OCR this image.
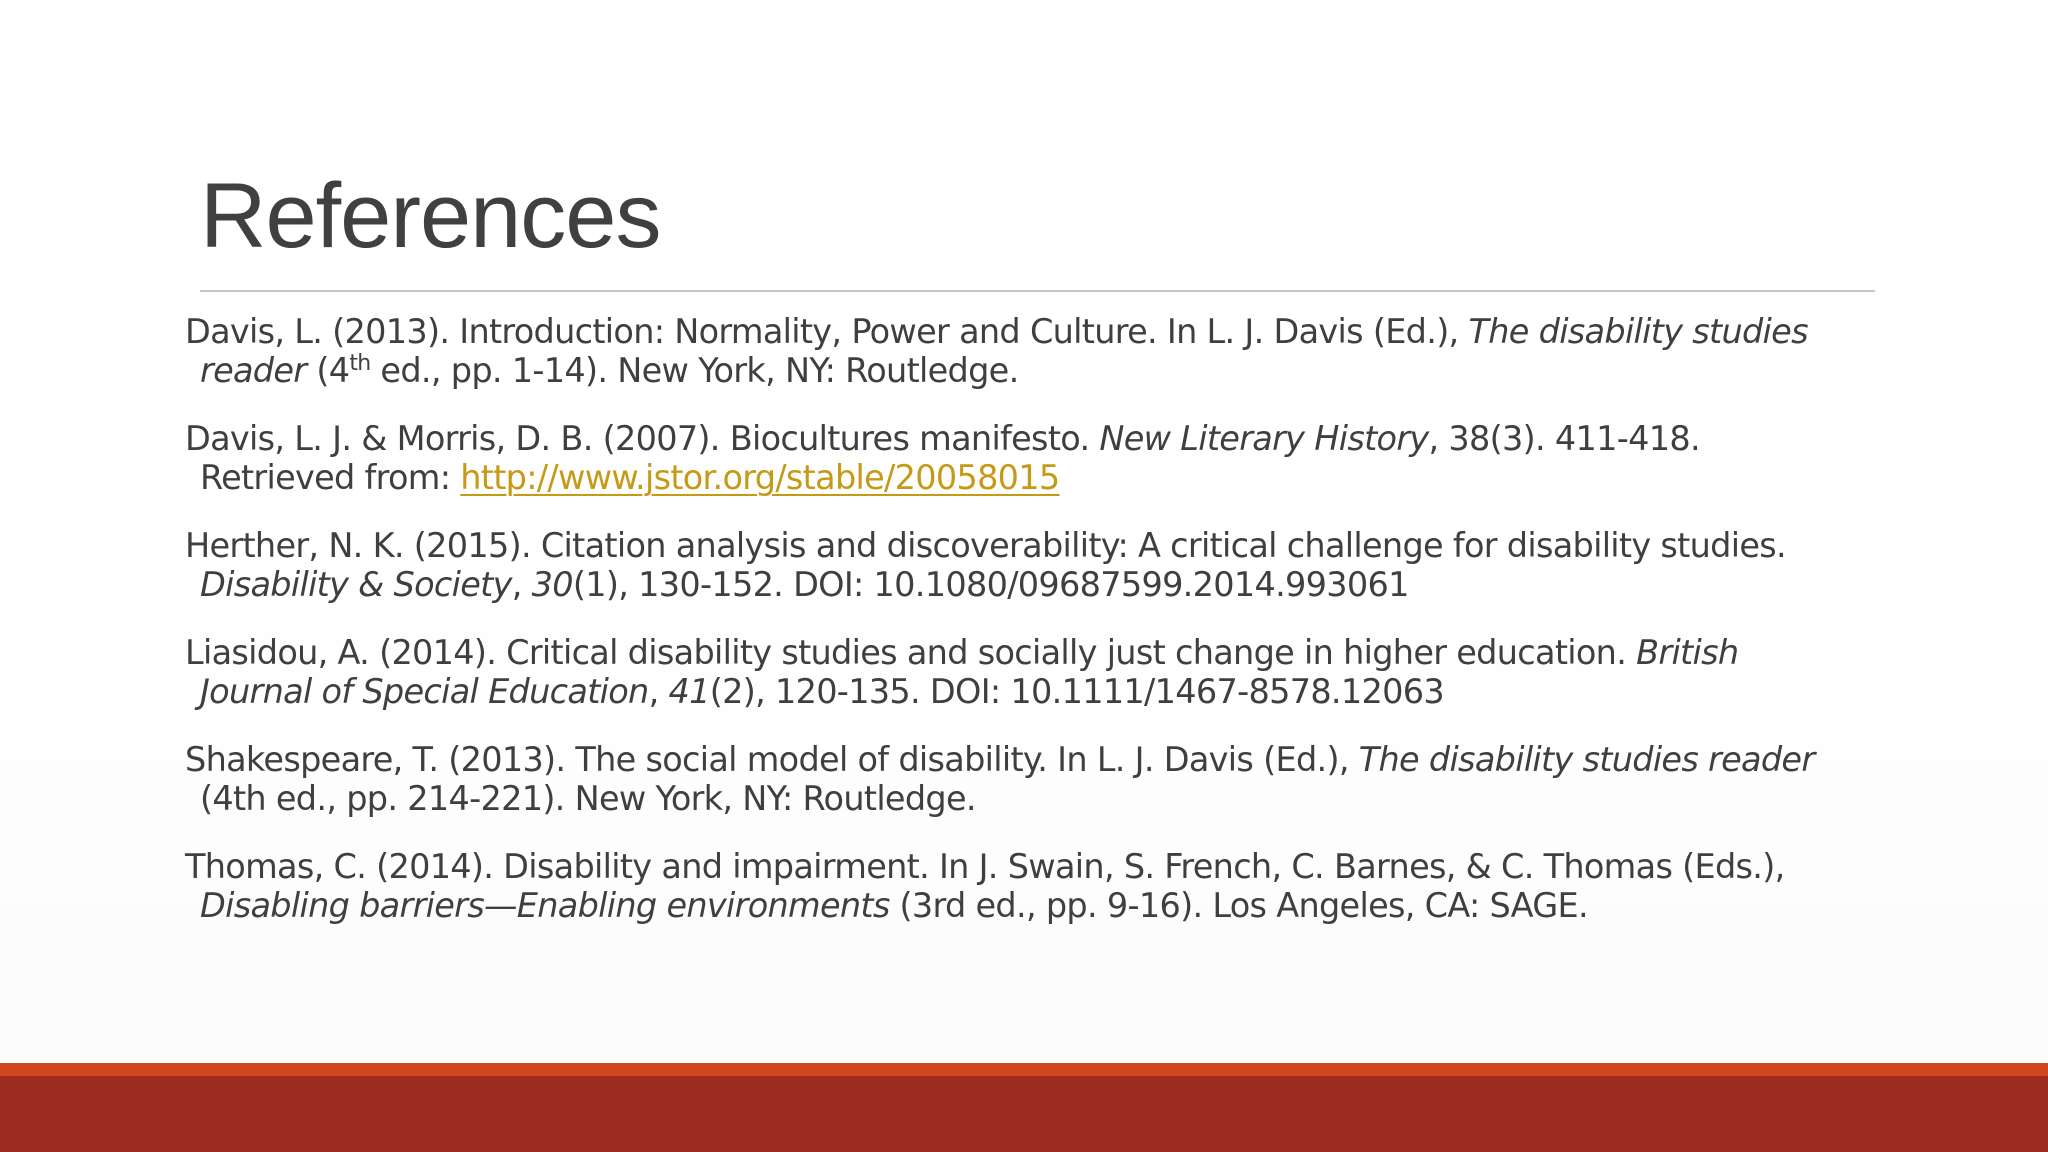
References
Davis, L. (2013). Introduction: Normality, Power and Culture. In L. J. Davis (Ed.), The disability studies
reader (4th ed., pp. 1-14). New York, NY: Routledge.
Davis, L. J. & Morris, D. B. (2007). Biocultures manifesto. New Literary History, 38(3). 411-418.
Retrieved from: http://www.jstor.org/stable/20058015
Herther, N. K. (2015). Citation analysis and discoverability: A critical challenge for disability studies.
Disability & Society, 30(1), 130-152. DOI: 10.1080/09687599.2014.993061
Liasidou, A. (2014). Critical disability studies and socially just change in higher education. British
Journal of Special Education, 41(2), 120-135. DOI: 10.1111/1467-8578.12063
Shakespeare, T. (2013). The social model of disability. In L. J. Davis (Ed.), The disability studies reader
(4th ed., pp. 214-221). New York, NY: Routledge.
Thomas, C. (2014). Disability and impairment. In J. Swain, S. French, C. Barnes, & C. Thomas (Eds.),
Disabling barriers—Enabling environments (3rd ed., pp. 9-16). Los Angeles, CA: SAGE.
